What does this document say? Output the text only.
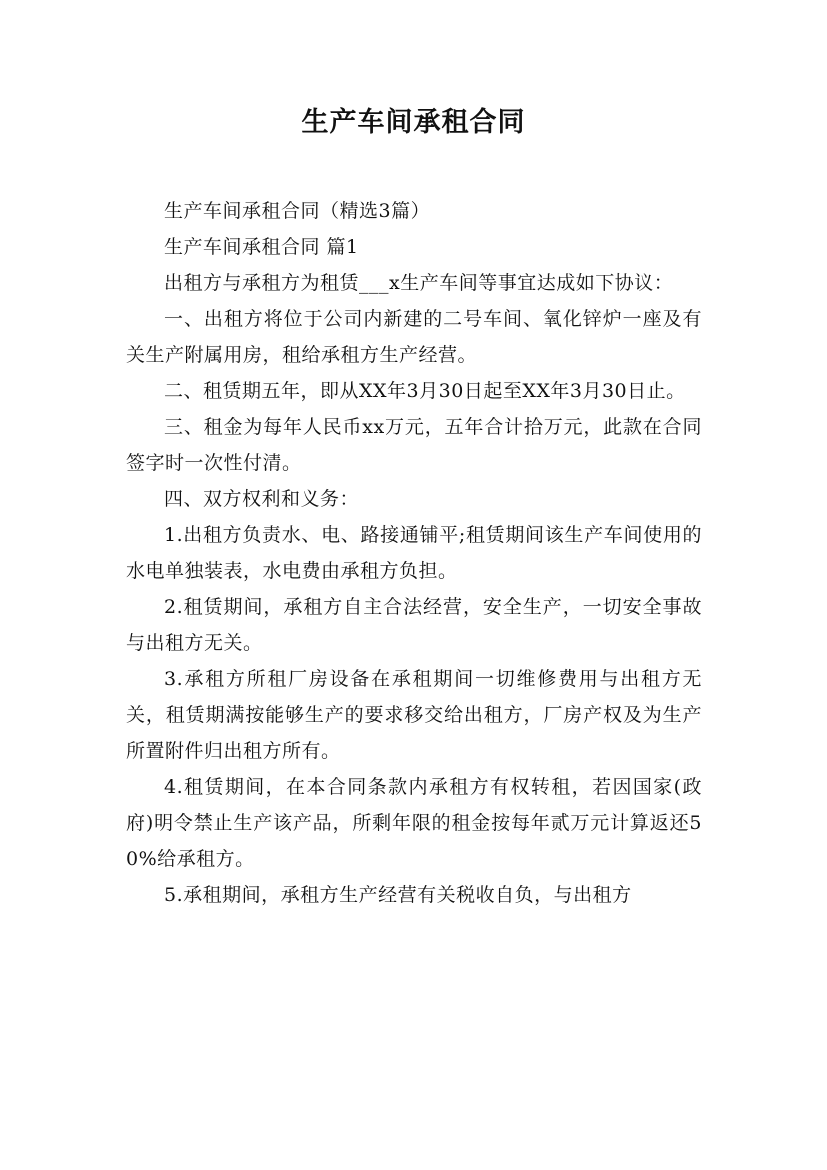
生产车间承租合同

生产车间承租合同（精选3篇）

生产车间承租合同 篇1

出租方与承租方为租赁___x生产车间等事宜达成如下协议：

一、出租方将位于公司内新建的二号车间、氧化锌炉一座及有关生产附属用房，租给承租方生产经营。

二、租赁期五年，即从XX年3月30日起至XX年3月30日止。

三、租金为每年人民币xx万元，五年合计拾万元，此款在合同签字时一次性付清。

四、双方权利和义务：

1.出租方负责水、电、路接通铺平;租赁期间该生产车间使用的水电单独装表，水电费由承租方负担。

2.租赁期间，承租方自主合法经营，安全生产，一切安全事故与出租方无关。

3.承租方所租厂房设备在承租期间一切维修费用与出租方无关，租赁期满按能够生产的要求移交给出租方，厂房产权及为生产所置附件归出租方所有。

4.租赁期间，在本合同条款内承租方有权转租，若因国家(政府)明令禁止生产该产品，所剩年限的租金按每年贰万元计算返还50%给承租方。

5.承租期间，承租方生产经营有关税收自负，与出租方
